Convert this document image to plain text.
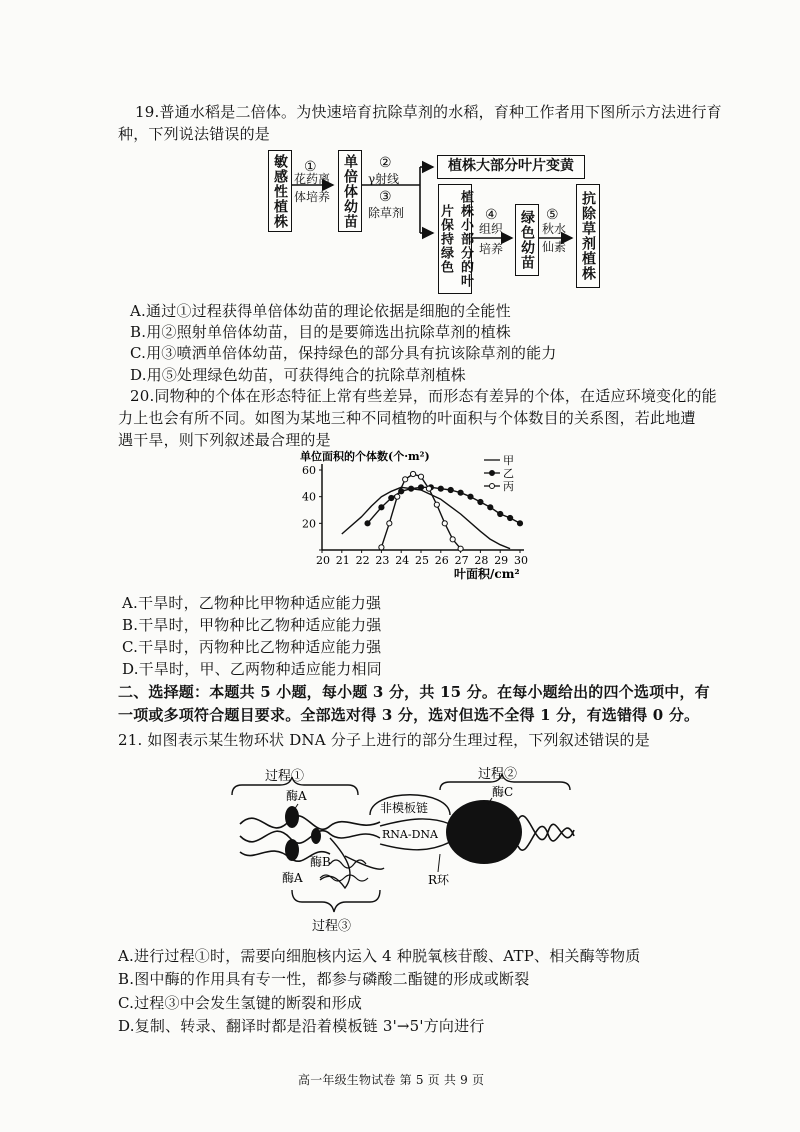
19.普通水稻是二倍体。为快速培育抗除草剂的水稻，育种工作者用下图所示方法进行育
种，下列说法错误的是
敏感性植株 ①
花药离
体培养 单倍体幼苗 ②
γ射线
③
除草剂
植株大部分叶片变黄
植株小部分的叶片保持绿色	④
组织
培养 绿色幼苗 ⑤
秋水
仙素 抗除草剂植株
A.通过①过程获得单倍体幼苗的理论依据是细胞的全能性
B.用②照射单倍体幼苗，目的是要筛选出抗除草剂的植株
C.用③喷洒单倍体幼苗，保持绿色的部分具有抗该除草剂的能力
D.用⑤处理绿色幼苗，可获得纯合的抗除草剂植株
20.同物种的个体在形态特征上常有些差异，而形态有差异的个体，在适应环境变化的能
力上也会有所不同。如图为某地三种不同植物的叶面积与个体数目的关系图，若此地遭
遇干旱，则下列叙述最合理的是
单位面积的个体数(个·m²)
叶面积/cm²
20 21 22 23 24 25 26 27 28 29 30
20
40
60
甲
乙
丙
A.干旱时，乙物种比甲物种适应能力强
B.干旱时，甲物种比乙物种适应能力强
C.干旱时，丙物种比乙物种适应能力强
D.干旱时，甲、乙两物种适应能力相同
二、选择题：本题共 5 小题，每小题 3 分，共 15 分。在每小题给出的四个选项中，有
一项或多项符合题目要求。全部选对得 3 分，选对但选不全得 1 分，有选错得 0 分。
21. 如图表示某生物环状 DNA 分子上进行的部分生理过程，下列叙述错误的是
过程①	过程②
过程③
酶A
酶A
酶B
酶C
非模板链
RNA-DNA
R环
A.进行过程①时，需要向细胞核内运入 4 种脱氧核苷酸、ATP、相关酶等物质
B.图中酶的作用具有专一性，都参与磷酸二酯键的形成或断裂
C.过程③中会发生氢键的断裂和形成
D.复制、转录、翻译时都是沿着模板链 3'→5'方向进行
高一年级生物试卷 第 5 页 共 9 页
